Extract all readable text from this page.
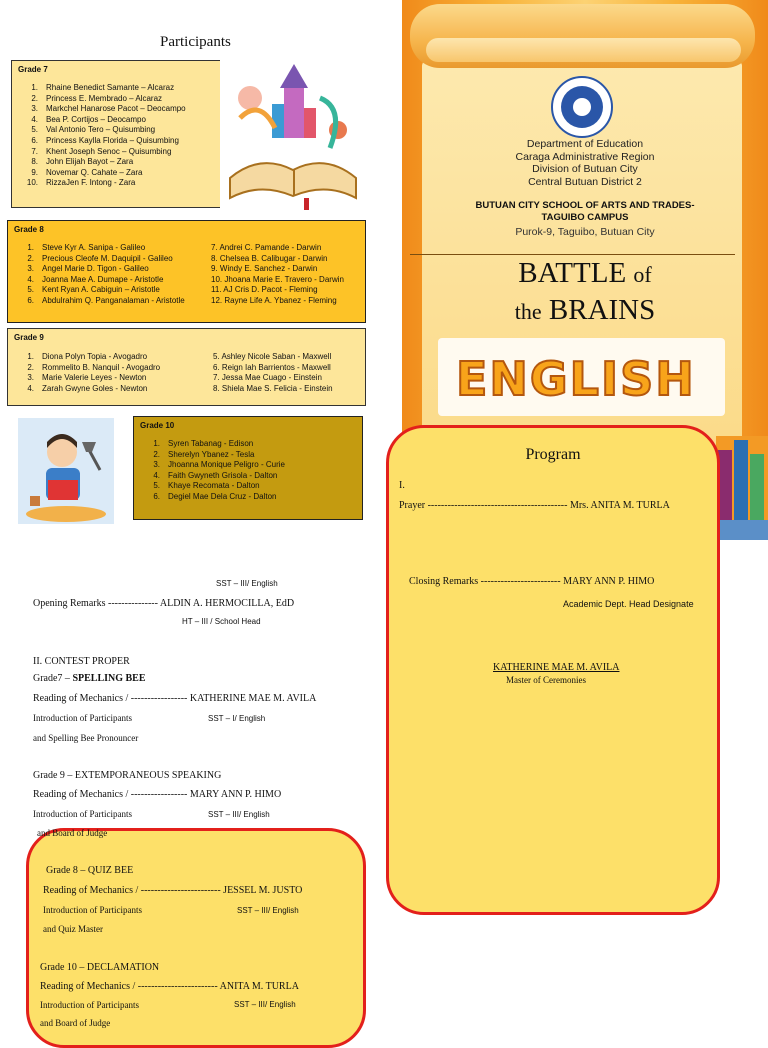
Participants
Grade 7
1. Rhaine Benedict Samante – Alcaraz
2. Princess E. Membrado – Alcaraz
3. Markchel Hanarose Pacot – Deocampo
4. Bea P. Cortijos – Deocampo
5. Val Antonio Tero – Quisumbing
6. Princess Kaylla Florida – Quisumbing
7. Khent Joseph Senoc – Quisumbing
8. John Elijah Bayot – Zara
9. Novemar Q. Cahate – Zara
10. RizzaJen F. Intong - Zara
Grade 8
1. Steve Kyr A. Sanipa - Galileo
2. Precious Cleofe M. Daquipil - Galileo
3. Angel Marie D. Tigon - Galileo
4. Joanna Mae A. Dumape - Aristotle
5. Kent Ryan A. Cabiguin – Aristotle
6. Abdulrahim Q. Panganalaman - Aristotle
7. Andrei C. Pamande - Darwin
8. Chelsea B. Calibugar - Darwin
9. Windy E. Sanchez - Darwin
10. Jhoana Marie E. Travero - Darwin
11. AJ Cris D. Pacot - Fleming
12. Rayne Life A. Ybanez - Fleming
Grade 9
1. Diona Polyn Topia - Avogadro
2. Rommelito B. Nanquil - Avogadro
3. Marie Valerie Leyes - Newton
4. Zarah Gwyne Goles - Newton
5. Ashley Nicole Saban - Maxwell
6. Reign Iah Barrientos - Maxwell
7. Jessa Mae Cuago - Einstein
8. Shiela Mae S. Felicia - Einstein
Grade 10
1. Syren Tabanag - Edison
2. Sherelyn Ybanez - Tesla
3. Jhoanna Monique Peligro - Curie
4. Faith Gwyneth Grisola - Dalton
5. Khaye Recomata - Dalton
6. Degiel Mae Dela Cruz - Dalton
Department of Education
Caraga Administrative Region
Division of Butuan City
Central Butuan District 2
BUTUAN CITY SCHOOL OF ARTS AND TRADES-
TAGUIBO CAMPUS
Purok-9, Taguibo, Butuan City
BATTLE of
the BRAINS
ENGLISH
Program
I.
Prayer ------------------------------------------ Mrs. ANITA M. TURLA
Closing Remarks ------------------------ MARY ANN P. HIMO
Academic Dept. Head Designate
KATHERINE MAE M. AVILA
Master of Ceremonies
SST – III/ English
Opening Remarks --------------- ALDIN A. HERMOCILLA, EdD
HT – III / School Head
II. CONTEST PROPER
Grade7 – SPELLING BEE
Reading of Mechanics / ----------------- KATHERINE MAE M. AVILA
Introduction of Participants	SST – I/ English
and Spelling Bee Pronouncer
Grade 9 – EXTEMPORANEOUS SPEAKING
Reading of Mechanics / ----------------- MARY ANN P. HIMO
Introduction of Participants	SST – III/ English
and Board of Judge
Grade 8 – QUIZ BEE
Reading of Mechanics / ------------------------ JESSEL M. JUSTO
Introduction of Participants	SST – III/ English
and Quiz Master
Grade 10 – DECLAMATION
Reading of Mechanics / ------------------------ ANITA M. TURLA
Introduction of Participants	SST – III/ English
and Board of Judge
